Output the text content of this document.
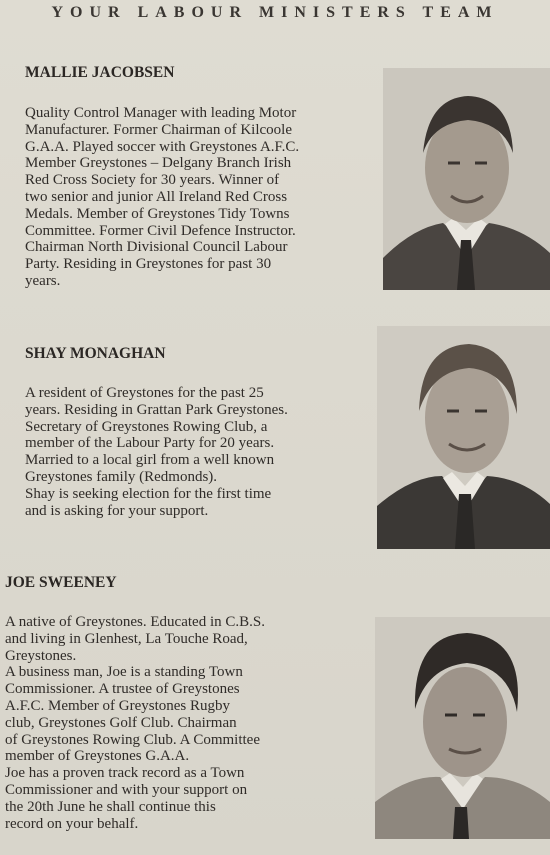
YOUR LABOUR MINISTERS TEAM
MALLIE JACOBSEN
Quality Control Manager with leading Motor
Manufacturer. Former Chairman of Kilcoole
G.A.A. Played soccer with Greystones A.F.C.
Member Greystones – Delgany Branch Irish
Red Cross Society for 30 years. Winner of
two senior and junior All Ireland Red Cross
Medals. Member of Greystones Tidy Towns
Committee. Former Civil Defence Instructor.
Chairman North Divisional Council Labour
Party. Residing in Greystones for past 30
years.
SHAY MONAGHAN
A resident of Greystones for the past 25
years. Residing in Grattan Park Greystones.
Secretary of Greystones Rowing Club, a
member of the Labour Party for 20 years.
Married to a local girl from a well known
Greystones family (Redmonds).
Shay is seeking election for the first time
and is asking for your support.
JOE SWEENEY
A native of Greystones. Educated in C.B.S.
and living in Glenhest, La Touche Road,
Greystones.
A business man, Joe is a standing Town
Commissioner. A trustee of Greystones
A.F.C. Member of Greystones Rugby
club, Greystones Golf Club. Chairman
of Greystones Rowing Club. A Committee
member of Greystones G.A.A.
Joe has a proven track record as a Town
Commissioner and with your support on
the 20th June he shall continue this
record on your behalf.
